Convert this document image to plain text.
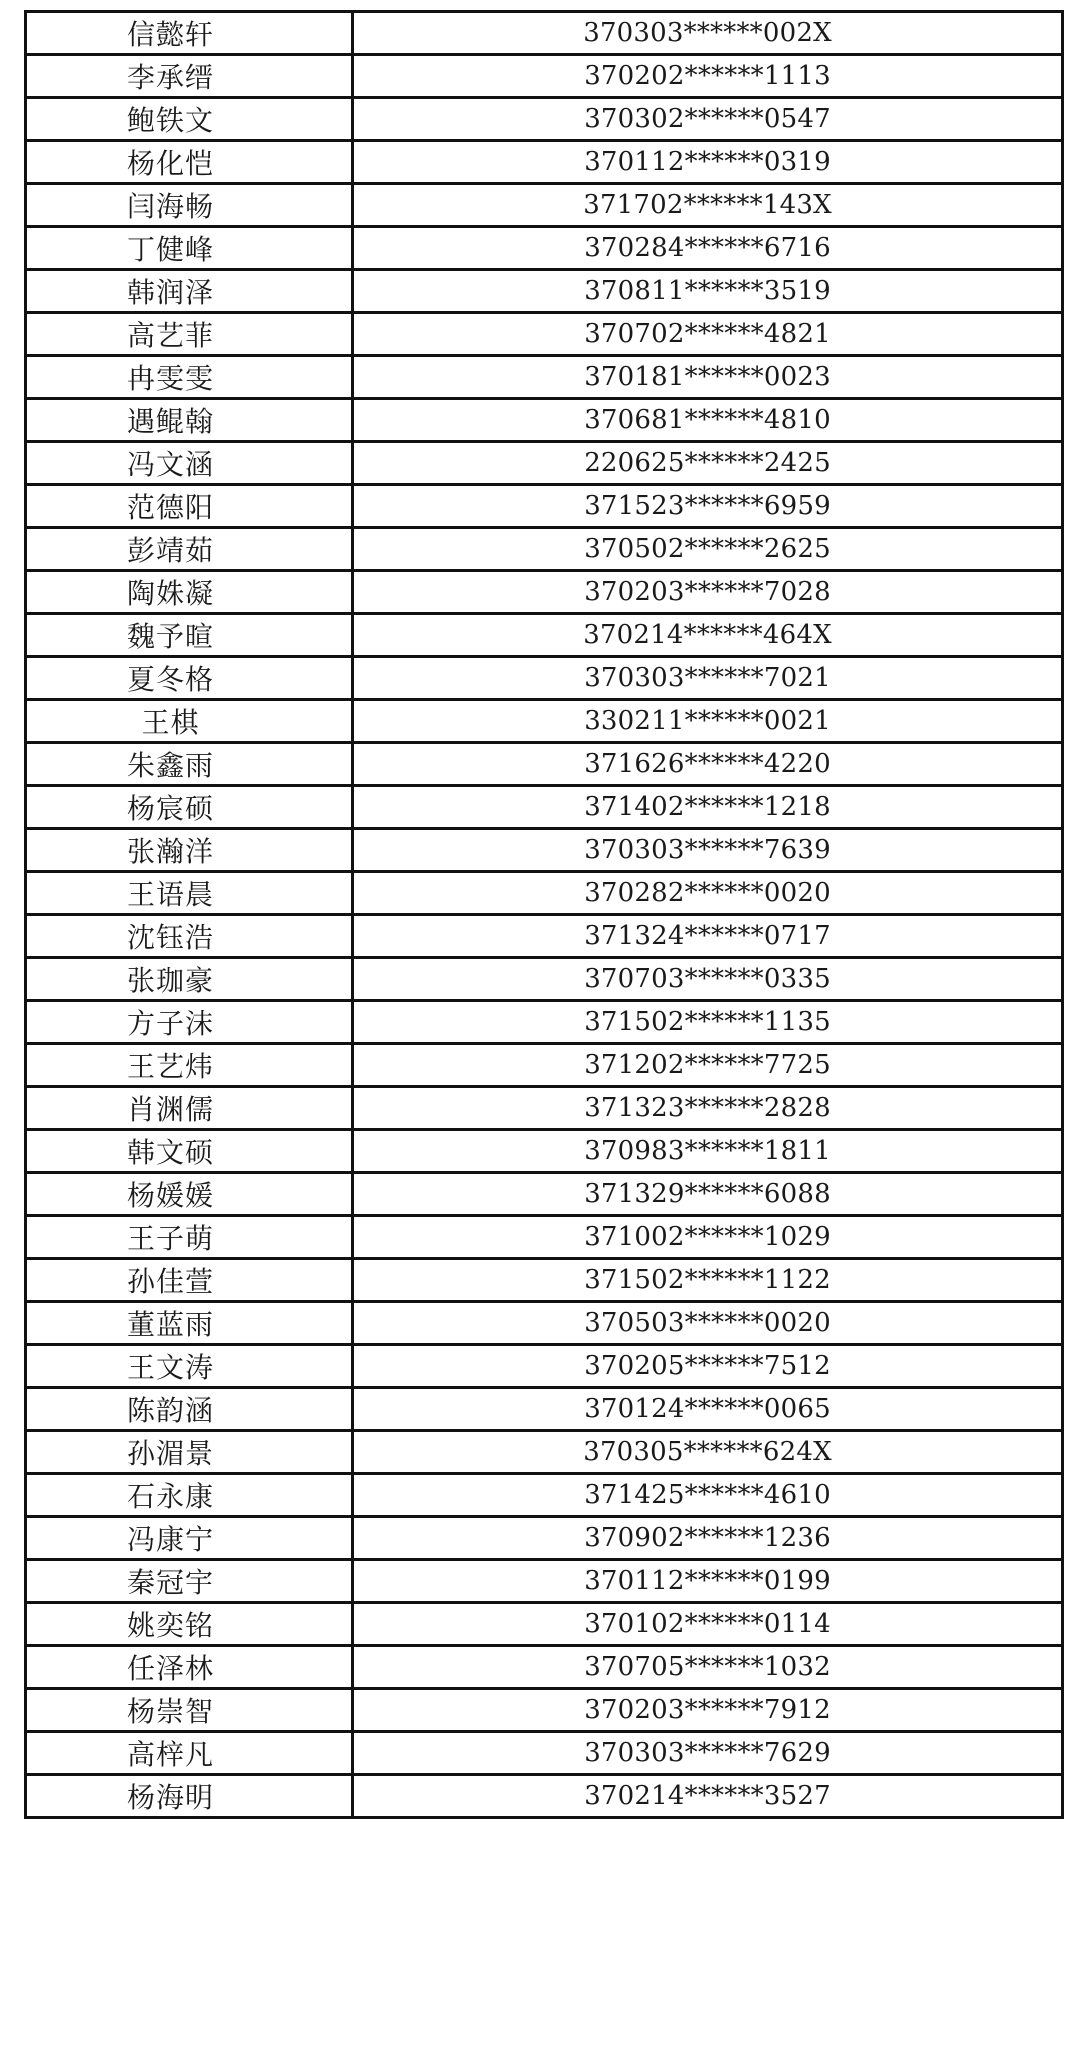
信懿轩	370303******002X
李承缙	370202******1113
鲍铁文	370302******0547
杨化恺	370112******0319
闫海畅	371702******143X
丁健峰	370284******6716
韩润泽	370811******3519
高艺菲	370702******4821
冉雯雯	370181******0023
遇鲲翰	370681******4810
冯文涵	220625******2425
范德阳	371523******6959
彭靖茹	370502******2625
陶姝凝	370203******7028
魏予暄	370214******464X
夏冬格	370303******7021
王棋	330211******0021
朱鑫雨	371626******4220
杨宸硕	371402******1218
张瀚洋	370303******7639
王语晨	370282******0020
沈钰浩	371324******0717
张珈豪	370703******0335
方子沫	371502******1135
王艺炜	371202******7725
肖渊儒	371323******2828
韩文硕	370983******1811
杨媛媛	371329******6088
王子萌	371002******1029
孙佳萱	371502******1122
董蓝雨	370503******0020
王文涛	370205******7512
陈韵涵	370124******0065
孙湄景	370305******624X
石永康	371425******4610
冯康宁	370902******1236
秦冠宇	370112******0199
姚奕铭	370102******0114
任泽林	370705******1032
杨崇智	370203******7912
高梓凡	370303******7629
杨海明	370214******3527
